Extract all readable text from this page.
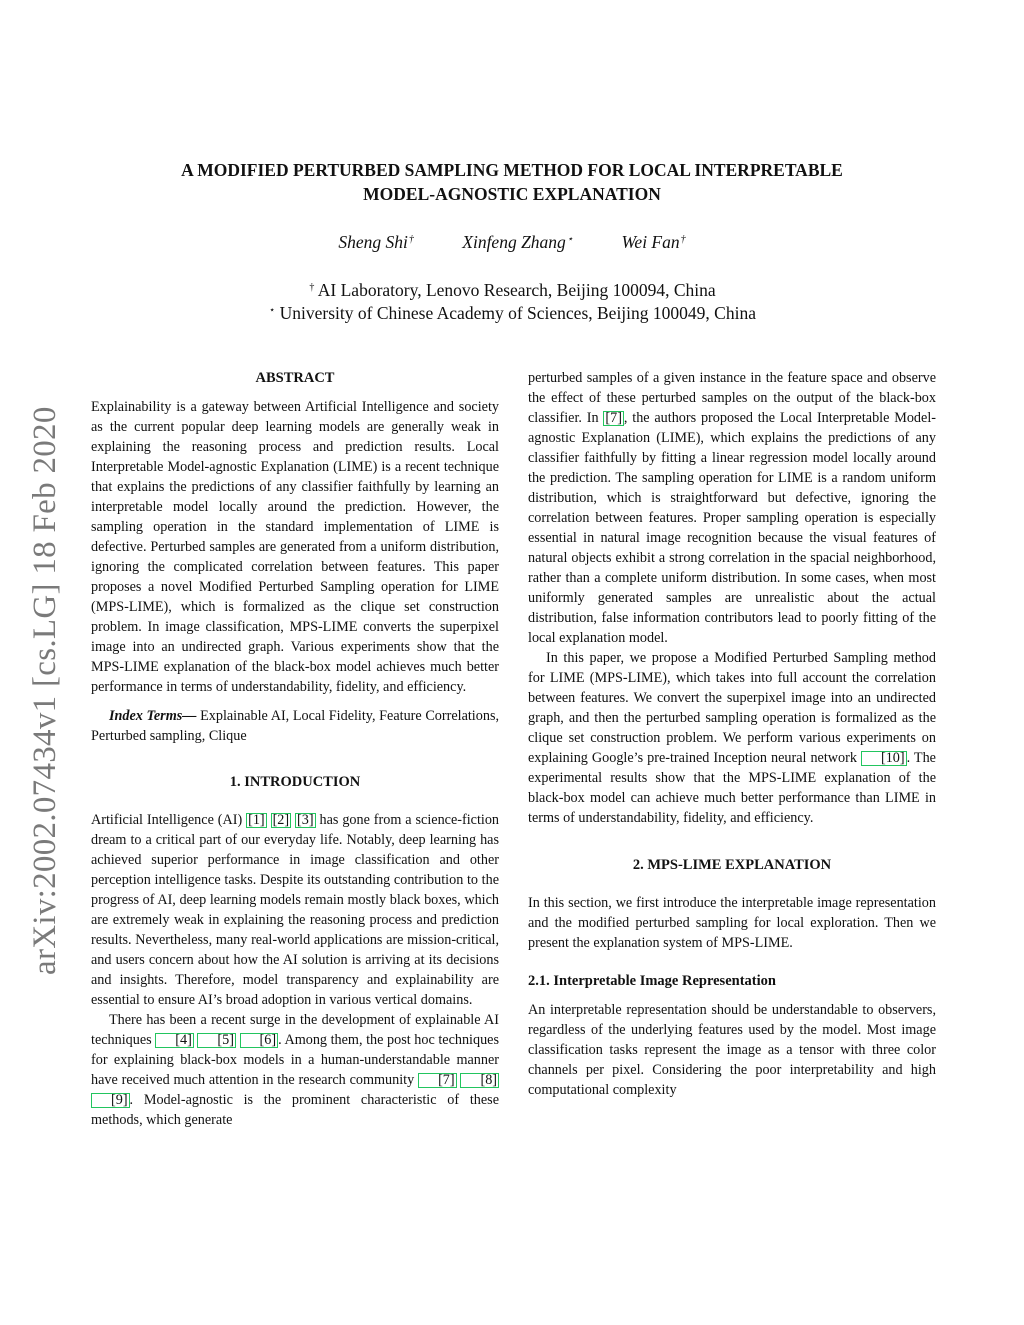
arXiv:2002.07434v1 [cs.LG] 18 Feb 2020
A MODIFIED PERTURBED SAMPLING METHOD FOR LOCAL INTERPRETABLE
MODEL-AGNOSTIC EXPLANATION
Sheng Shi†	Xinfeng Zhang⋆	Wei Fan†
† AI Laboratory, Lenovo Research, Beijing 100094, China
⋆ University of Chinese Academy of Sciences, Beijing 100049, China

ABSTRACT

Explainability is a gateway between Artificial Intelligence and society as the current popular deep learning models are generally weak in explaining the reasoning process and prediction results. Local Interpretable Model-agnostic Explanation (LIME) is a recent technique that explains the predictions of any classifier faithfully by learning an interpretable model locally around the prediction. However, the sampling operation in the standard implementation of LIME is defective. Perturbed samples are generated from a uniform distribution, ignoring the complicated correlation between features. This paper proposes a novel Modified Perturbed Sampling operation for LIME (MPS-LIME), which is formalized as the clique set construction problem. In image classification, MPS-LIME converts the superpixel image into an undirected graph. Various experiments show that the MPS-LIME explanation of the black-box model achieves much better performance in terms of understandability, fidelity, and efficiency.

Index Terms— Explainable AI, Local Fidelity, Feature Correlations, Perturbed sampling, Clique

1. INTRODUCTION

Artificial Intelligence (AI) [1] [2] [3] has gone from a science-fiction dream to a critical part of our everyday life. Notably, deep learning has achieved superior performance in image classification and other perception intelligence tasks. Despite its outstanding contribution to the progress of AI, deep learning models remain mostly black boxes, which are extremely weak in explaining the reasoning process and prediction results. Nevertheless, many real-world applications are mission-critical, and users concern about how the AI solution is arriving at its decisions and insights. Therefore, model transparency and explainability are essential to ensure AI’s broad adoption in various vertical domains.

There has been a recent surge in the development of explainable AI techniques [4] [5] [6] . Among them, the post hoc techniques for explaining black-box models in a human-understandable manner have received much attention in the research community [7] [8] [9] . Model-agnostic is the prominent characteristic of these methods, which generate

perturbed samples of a given instance in the feature space and observe the effect of these perturbed samples on the output of the black-box classifier. In [7] , the authors proposed the Local Interpretable Model-agnostic Explanation (LIME), which explains the predictions of any classifier faithfully by fitting a linear regression model locally around the prediction. The sampling operation for LIME is a random uniform distribution, which is straightforward but defective, ignoring the correlation between features. Proper sampling operation is especially essential in natural image recognition because the visual features of natural objects exhibit a strong correlation in the spacial neighborhood, rather than a complete uniform distribution. In some cases, when most uniformly generated samples are unrealistic about the actual distribution, false information contributors lead to poorly fitting of the local explanation model.

In this paper, we propose a Modified Perturbed Sampling method for LIME (MPS-LIME), which takes into full account the correlation between features. We convert the superpixel image into an undirected graph, and then the perturbed sampling operation is formalized as the clique set construction problem. We perform various experiments on explaining Google’s pre-trained Inception neural network [10] . The experimental results show that the MPS-LIME explanation of the black-box model can achieve much better performance than LIME in terms of understandability, fidelity, and efficiency.

2. MPS-LIME EXPLANATION

In this section, we first introduce the interpretable image representation and the modified perturbed sampling for local exploration. Then we present the explanation system of MPS-LIME.

2.1. Interpretable Image Representation

An interpretable representation should be understandable to observers, regardless of the underlying features used by the model. Most image classification tasks represent the image as a tensor with three color channels per pixel. Considering the poor interpretability and high computational complexity
